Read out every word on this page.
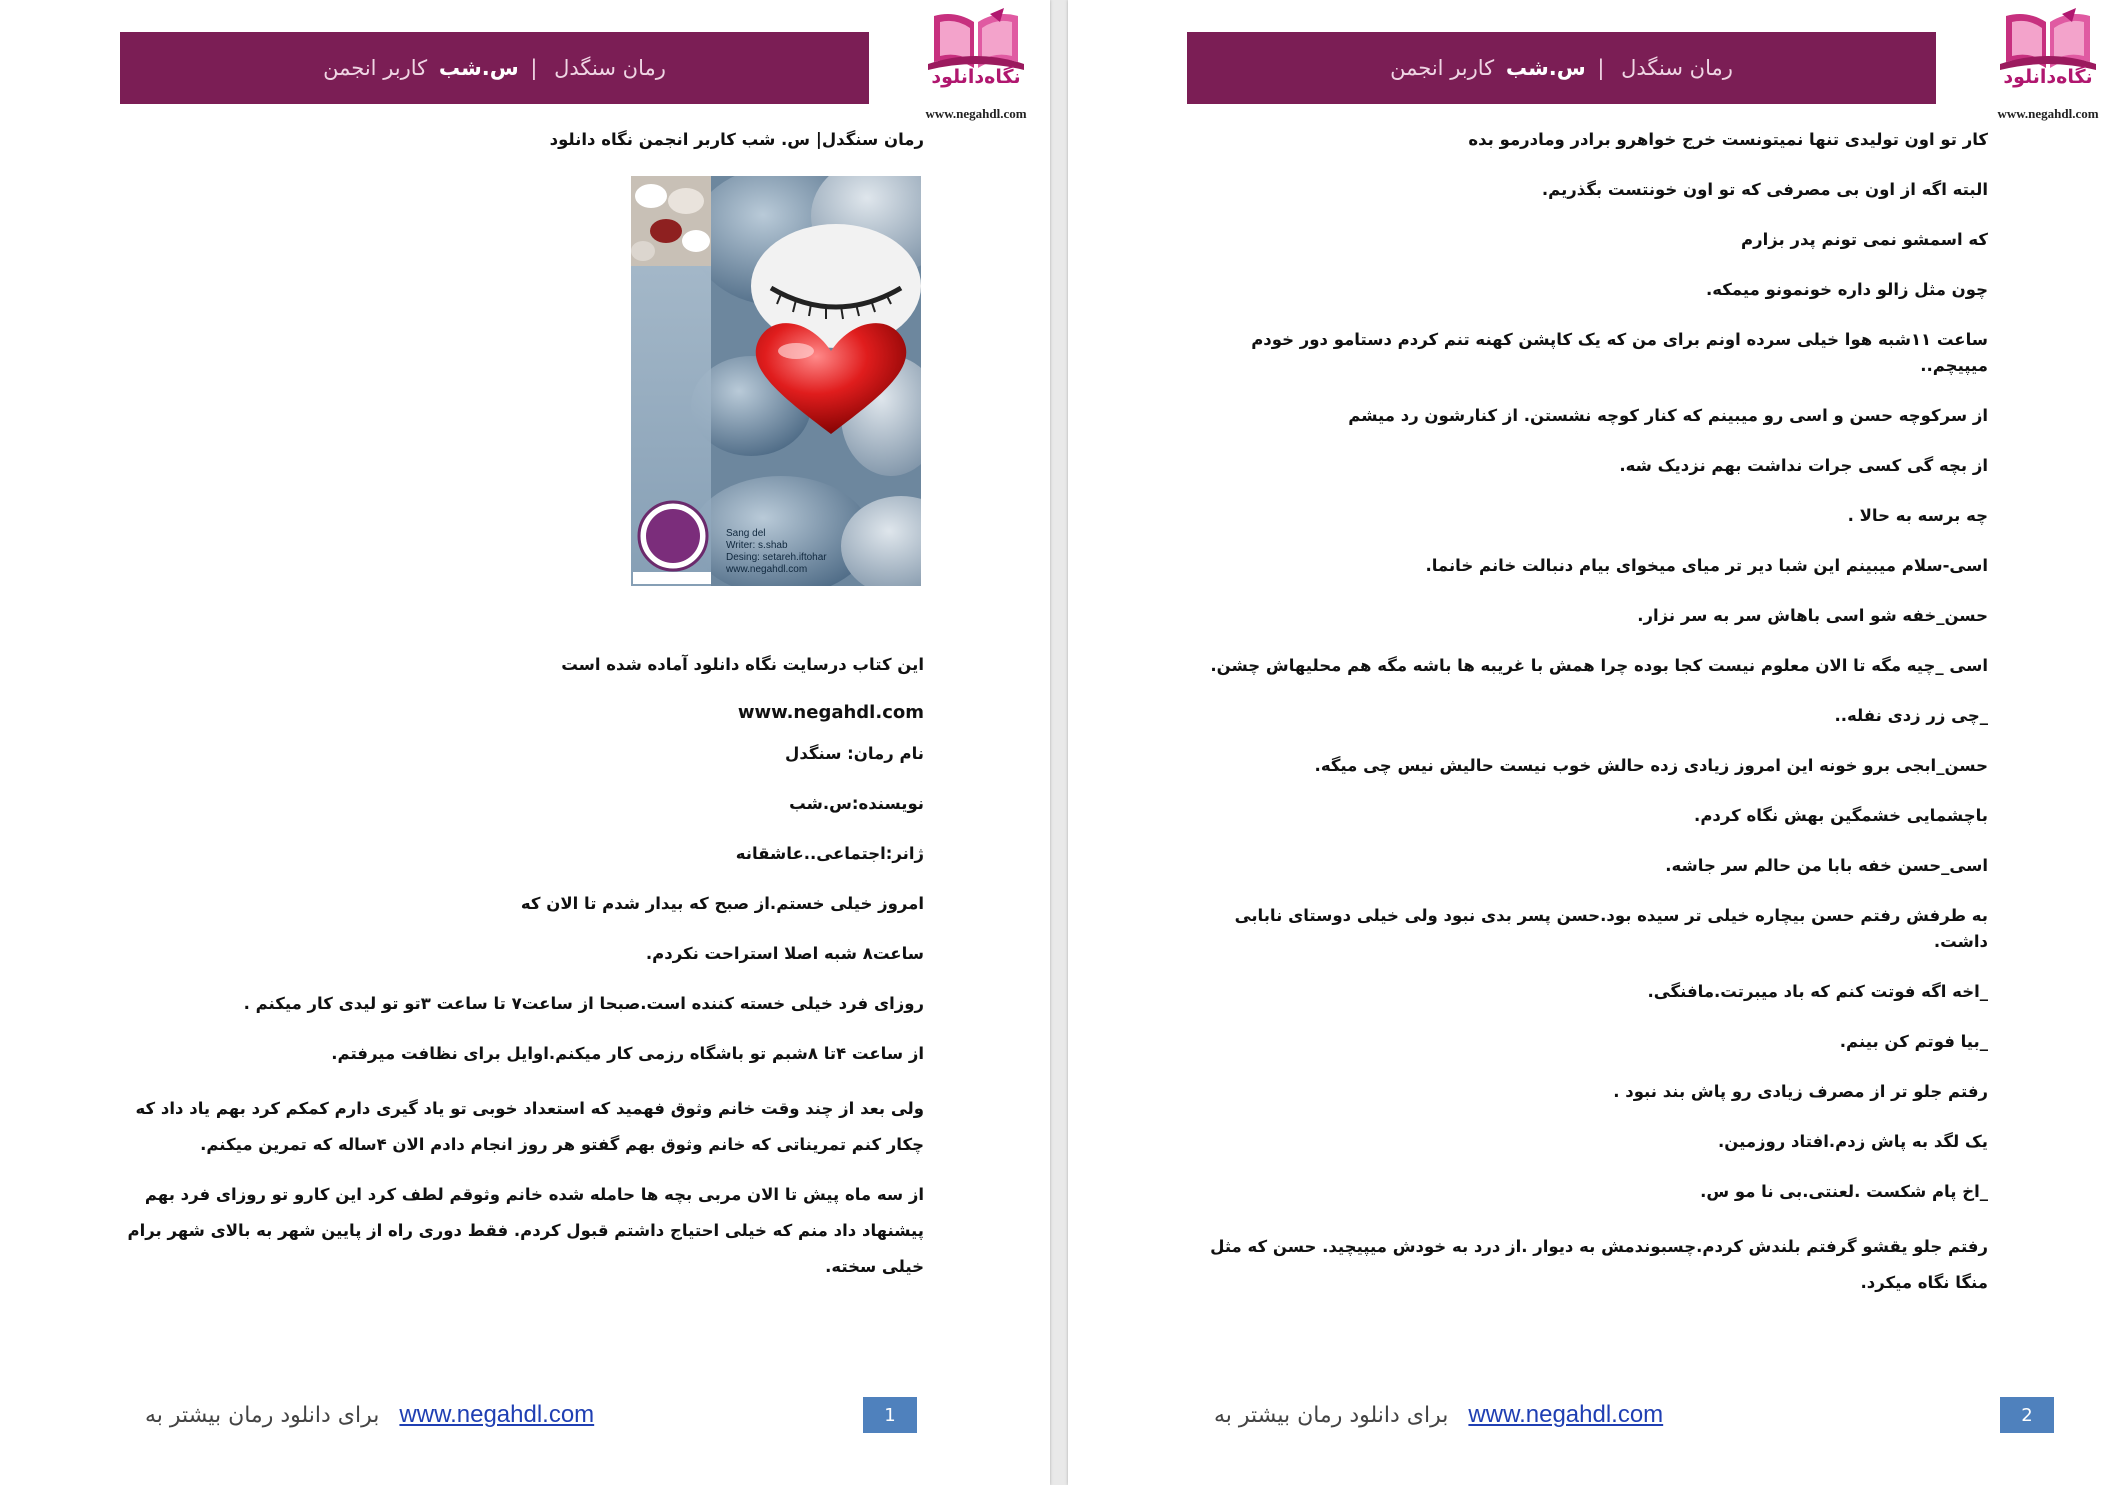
رمان سنگدل

|

س.شب

کاربر انجمن	نگاه‌دانلود
www.negahdl.com

رمان سنگدل| س. شب کاربر انجمن نگاه دانلود

Sang del
Writer: s.shab
Desing: setareh.iftohar
www.negahdl.com

این کتاب درسایت نگاه دانلود آماده شده است

www.negahdl.com

نام رمان: سنگدل

نویسنده:س.شب

ژانر:اجتماعی..عاشقانه

امروز خیلی خستم.از صبح که بیدار شدم تا الان که

ساعت۸ شبه اصلا استراحت نکردم.

روزای فرد خیلی خسته کننده است.صبحا از ساعت۷ تا ساعت ۳تو تو لیدی کار میکنم .

از ساعت ۴تا ۸شبم تو باشگاه رزمی کار میکنم.اوایل برای نظافت میرفتم.

ولی بعد از چند وقت خانم وثوق فهمید که استعداد خوبی تو یاد گیری دارم کمکم کرد بهم یاد داد که چکار کنم تمریناتی که خانم وثوق بهم گفتو هر روز انجام دادم الان ۴ساله که تمرین میکنم.

از سه ماه پیش تا الان مربی بچه ها حامله شده خانم وثوقم لطف کرد این کارو تو روزای فرد بهم پیشنهاد داد منم که خیلی احتیاج داشتم قبول کردم. فقط دوری راه از پایین شهر به بالای شهر برام خیلی سخته.

برای دانلود رمان بیشتر به www.negahdl.com	1
رمان سنگدل

|

س.شب

کاربر انجمن	نگاه‌دانلود
www.negahdl.com

کار تو اون تولیدی تنها نمیتونست خرج خواهرو برادر ومادرمو بده

البته اگه از اون بی مصرفی که تو اون خونتست بگذریم.

که اسمشو نمی تونم پدر بزارم

چون مثل زالو داره خونمونو میمکه.

ساعت ۱۱شبه هوا خیلی سرده اونم برای من که یک کاپشن کهنه تنم کردم دستامو دور خودم میپیچم..

از سرکوچه حسن و اسی رو میبینم که کنار کوچه نشستن. از کنارشون رد میشم

از بچه گی کسی جرات نداشت بهم نزدیک شه.

چه برسه به حالا .

اسی-سلام میبینم این شبا دیر تر میای میخوای بیام دنبالت خانم خانما.

حسن_خفه شو اسی باهاش سر به سر نزار.

اسی _چیه مگه تا الان معلوم نیست کجا بوده چرا همش با غریبه ها باشه مگه هم محلیهاش چشن.

_چی زر زدی نفله..

حسن_ابجی برو خونه این امروز زیادی زده حالش خوب نیست حالیش نیس چی میگه.

باچشمایی خشمگین بهش نگاه کردم.

اسی_حسن خفه بابا من حالم سر جاشه.

به طرفش رفتم حسن بیچاره خیلی تر سیده بود.حسن پسر بدی نبود ولی خیلی دوستای نابابی داشت.

_اخه اگه فوتت کنم که باد میبرتت.مافنگی.

_بیا فوتم کن بینم.

رفتم جلو تر از مصرف زیادی رو پاش بند نبود .

یک لگد به پاش زدم.افتاد روزمین.

_اخ پام شکست .لعنتی.بی نا مو س.

رفتم جلو یقشو گرفتم بلندش کردم.چسبوندمش به دیوار .از درد به خودش میپیچید. حسن که مثل منگا نگاه میکرد.

برای دانلود رمان بیشتر به www.negahdl.com	2
